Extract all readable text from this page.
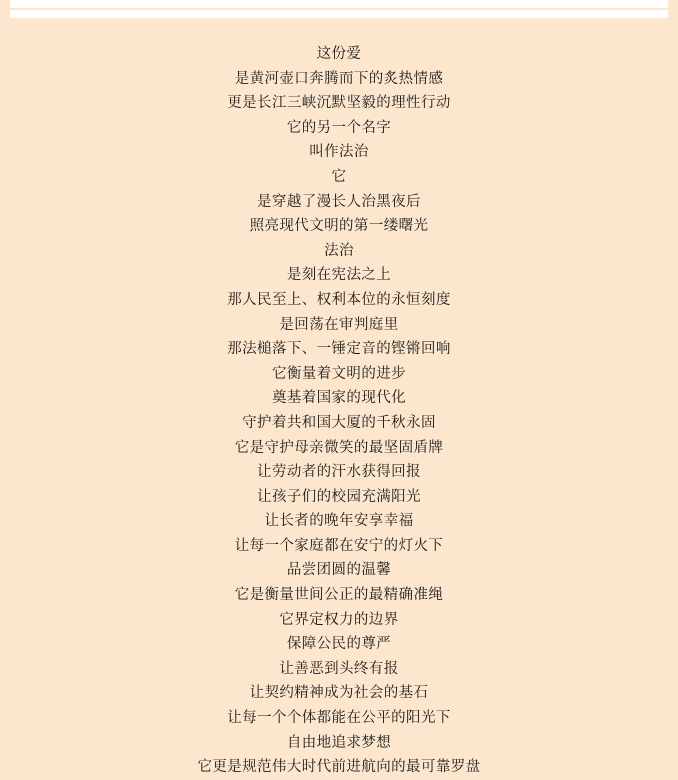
这份爱
是黄河壶口奔腾而下的炙热情感
更是长江三峡沉默坚毅的理性行动
它的另一个名字
叫作法治
它
是穿越了漫长人治黑夜后
照亮现代文明的第一缕曙光
法治
是刻在宪法之上
那人民至上、权利本位的永恒刻度
是回荡在审判庭里
那法槌落下、一锤定音的铿锵回响
它衡量着文明的进步
奠基着国家的现代化
守护着共和国大厦的千秋永固
它是守护母亲微笑的最坚固盾牌
让劳动者的汗水获得回报
让孩子们的校园充满阳光
让长者的晚年安享幸福
让每一个家庭都在安宁的灯火下
品尝团圆的温馨
它是衡量世间公正的最精确准绳
它界定权力的边界
保障公民的尊严
让善恶到头终有报
让契约精神成为社会的基石
让每一个个体都能在公平的阳光下
自由地追求梦想
它更是规范伟大时代前进航向的最可靠罗盘
